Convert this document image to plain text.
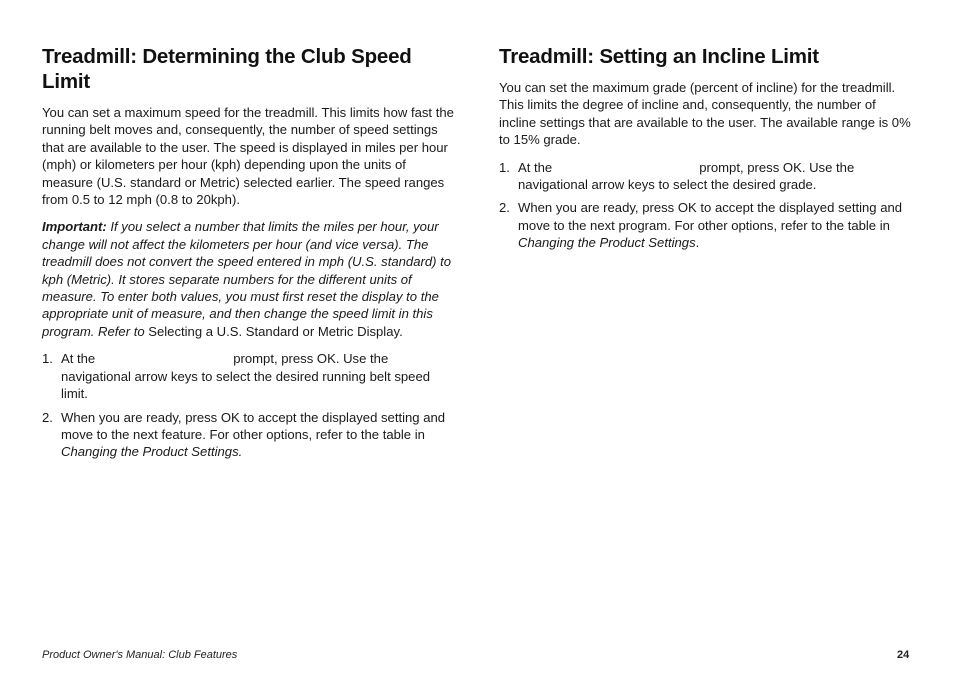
Treadmill: Determining the Club Speed Limit

You can set a maximum speed for the treadmill. This limits how fast the running belt moves and, consequently, the number of speed settings that are available to the user. The speed is displayed in miles per hour (mph) or kilometers per hour (kph) depending upon the units of measure (U.S. standard or Metric) selected earlier. The speed ranges from 0.5 to 12 mph (0.8 to 20kph).

Important: If you select a number that limits the miles per hour, your change will not affect the kilometers per hour (and vice versa). The treadmill does not convert the speed entered in mph (U.S. standard) to kph (Metric). It stores separate numbers for the different units of measure. To enter both values, you must first reset the display to the appropriate unit of measure, and then change the speed limit in this program. Refer to Selecting a U.S. Standard or Metric Display.

1. At the	prompt, press OK. Use the navigational arrow keys to select the desired running belt speed limit.
2. When you are ready, press OK to accept the displayed setting and move to the next feature. For other options, refer to the table in Changing the Product Settings.
Treadmill: Setting an Incline Limit

You can set the maximum grade (percent of incline) for the treadmill. This limits the degree of incline and, consequently, the number of incline settings that are available to the user. The available range is 0% to 15% grade.

1. At the	prompt, press OK. Use the navigational arrow keys to select the desired grade.
2. When you are ready, press OK to accept the displayed setting and move to the next program. For other options, refer to the table in Changing the Product Settings.
Product Owner's Manual: Club Features	24
